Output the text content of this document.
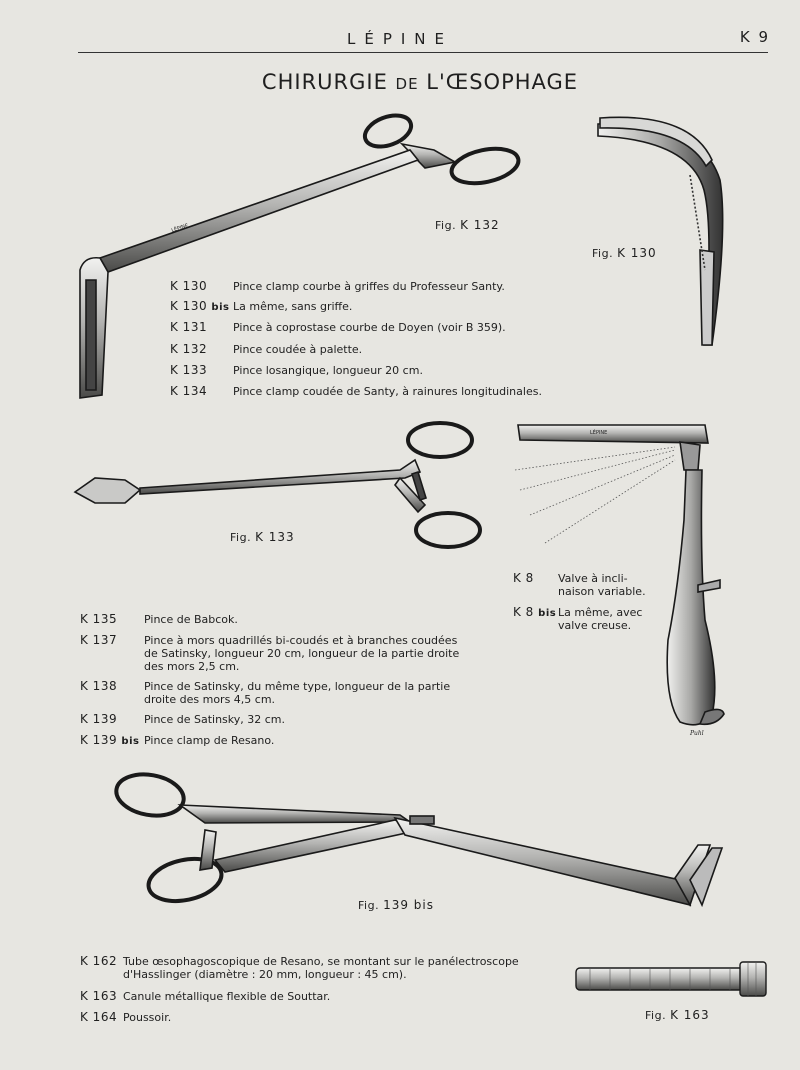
LÉPINE	K 9
CHIRURGIE DE L'ŒSOPHAGE
LÉPINE
LÉPINE
Puhl
Fig. K 132
Fig. K 130
Fig. K 133
Fig. 139 bis
Fig. K 163
K 130 Pince clamp courbe à griffes du Professeur Santy.
K 130 bis La même, sans griffe.
K 131 Pince à coprostase courbe de Doyen (voir B 359).
K 132 Pince coudée à palette.
K 133 Pince losangique, longueur 20 cm.
K 134 Pince clamp coudée de Santy, à rainures longitudinales.
K 8 Valve à incli-
naison variable.
K 8 bis La même, avec
valve creuse.
K 135 Pince de Babcok.
K 137 Pince à mors quadrillés bi-coudés et à branches coudées
de Satinsky, longueur 20 cm, longueur de la partie droite
des mors 2,5 cm.
K 138 Pince de Satinsky, du même type, longueur de la partie
droite des mors 4,5 cm.
K 139 Pince de Satinsky, 32 cm.
K 139 bis Pince clamp de Resano.
K 162 Tube œsophagoscopique de Resano, se montant sur le panélectroscope
d'Hasslinger (diamètre : 20 mm, longueur : 45 cm).
K 163 Canule métallique flexible de Souttar.
K 164 Poussoir.
